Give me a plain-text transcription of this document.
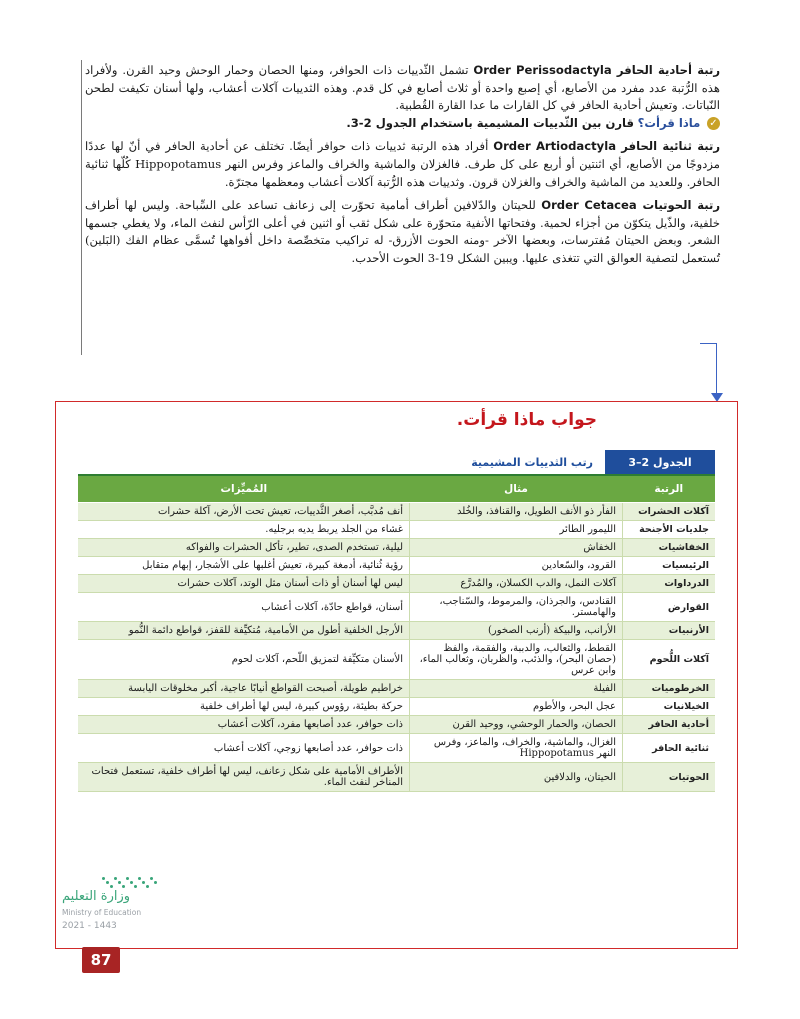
رتبة أحادية الحافر Order Perissodactyla تشمل الثّدييات ذات الحوافر، ومنها الحصان وحمار الوحش وحيد القرن. ولأفراد هذه الرُّتبة عدد مفرد من الأصابع، أي إصبع واحدة أو ثلاث أصابع في كل قدم. وهذه الثدييات آكلات أعشاب، ولها أسنان تكيفت لطحن النّباتات. وتعيش أحادية الحافر في كل القارات ما عدا القارة القُطبية.
✓ ماذا قرأت؟ قارن بين الثّدييات المشيمية باستخدام الجدول 2-3.

رتبة ثنائية الحافر Order Artiodactyla أفراد هذه الرتبة ثدييات ذات حوافر أيضًا. تختلف عن أحادية الحافر في أنّ لها عددًا مزدوجًا من الأصابع، أي اثنتين أو أربع على كل طرف. فالغزلان والماشية والخراف والماعز وفرس النهر Hippopotamus كُلّها ثنائية الحافر. وللعديد من الماشية والخراف والغزلان قرون. وثدييات هذه الرُّتبة آكلات أعشاب ومعظمها مجترّة.

رتبة الحوتيات Order Cetacea للحيتان والدّلافين أطراف أمامية تحوّرت إلى زعانف تساعد على السِّباحة. وليس لها أطراف خلفية، والذّيل يتكوّن من أجزاء لحمية. وفتحاتها الأنفية متحوّرة على شكل ثقب أو اثنين في أعلى الرّأس لنفث الماء، ولا يغطي جسمها الشعر. وبعض الحيتان مُفترسات، وبعضها الآخر -ومنه الحوت الأزرق- له تراكيب متخصِّصة داخل أفواهها تُسمَّى عظام الفك (البَلين) تُستعمل لتصفية العوالق التي تتغذى عليها. ويبين الشكل 19-3 الحوت الأحدب.

جواب ماذا قرأت.
الجدول 2–3
رتب الثدييات المشيمية		

الرتبة	مثال	المُميِّزات
آكلات الحشرات	الفأر ذو الأنف الطويل، والقنافذ، والخُلد	أنف مُدبَّب، أصغر الثَّدييات، تعيش تحت الأرض، آكلة حشرات
جلديات الأجنحة	الليمور الطائر	غشاء من الجلد يربط يديه برجليه.
الخفاشيات	الخفاش	ليلية، تستخدم الصدى، تطير، تأكل الحشرات والفواكه
الرئيسيات	القرود، والسّعادين	رؤية ثُنائية، أدمغة كبيرة، تعيش أغلبها على الأشجار، إبهام متقابل
الدرداوات	آكلات النمل، والدب الكسلان، والمُدرَّع	ليس لها أسنان أو ذات أسنان مثل الوتد، آكلات حشرات
القوارض	القنادس، والجرذان، والمرموط، والسّناجب، والهامستر.	أسنان، قواطع حادّة، آكلات أعشاب
الأرنبيات	الأرانب، والبيكة (أرنب الصخور)	الأرجل الخلفية أطول من الأمامية، مُتكيِّفة للقفز، قواطع دائمة النُّمو
آكلات اللُّحوم	القطط، والثعالب، والدببة، والفقمة، والفظ (حصان البحر)، والذئب، والظربان، وثعالب الماء، وابن عرس	الأسنان متكيِّفة لتمزيق اللّحم، آكلات لحوم
الخرطوميات	الفيلة	خراطيم طويلة، أصبحت القواطع أنيابًا عاجية، أكبر مخلوقات اليابسة
الخيلانيات	عجل البحر، والأطوم	حركة بطيئة، رؤوس كبيرة، ليس لها أطراف خلفية
أحادية الحافر	الحصان، والحمار الوحشي، ووحيد القرن	ذات حوافر، عدد أصابعها مفرد، آكلات أعشاب
ثنائية الحافر	الغزال، والماشية، والخراف، والماعز، وفرس النهر Hippopotamus	ذات حوافر، عدد أصابعها زوجي، آكلات أعشاب
الحوتيات	الحيتان، والدلافين	الأطراف الأمامية على شكل زعانف، ليس لها أطراف خلفية، تستعمل فتحات المناخر لنفث الماء.
وزارة التعليم
Ministry of Education
2021 - 1443
87
